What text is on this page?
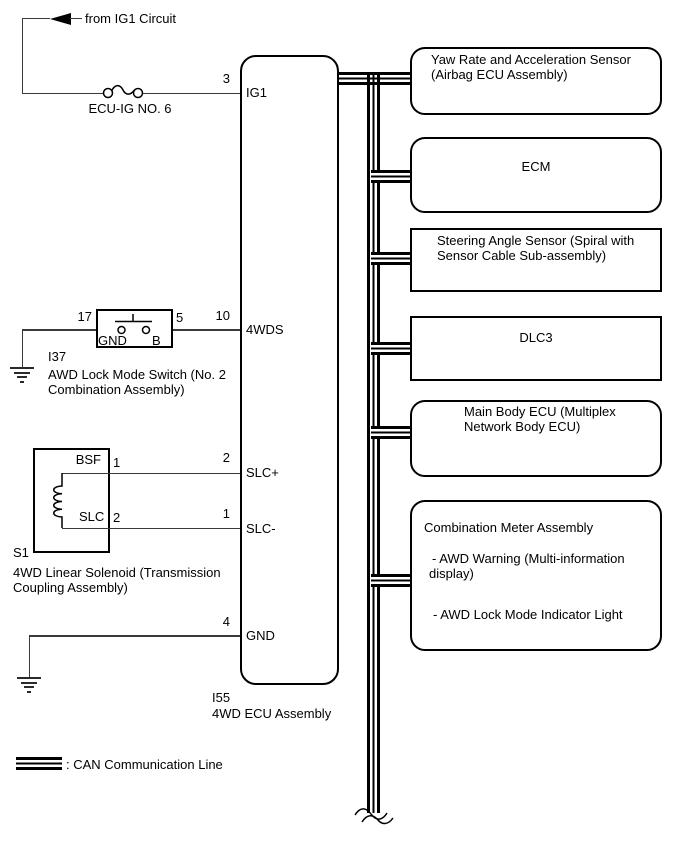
from IG1 Circuit
ECU-IG NO. 6
GND B
17	5
I37
AWD Lock Mode Switch (No. 2
Combination Assembly)
BSF 1
SLC 2
S1
4WD Linear Solenoid (Transmission
Coupling Assembly)
3
IG1
10
4WDS
2
SLC+
1
SLC-
4
GND
I55
4WD ECU Assembly
Yaw Rate and Acceleration Sensor
(Airbag ECU Assembly)
ECM
Steering Angle Sensor (Spiral with
Sensor Cable Sub-assembly)
DLC3
Main Body ECU (Multiplex
Network Body ECU)
Combination Meter Assembly
- AWD Warning (Multi-information
display)
- AWD Lock Mode Indicator Light
: CAN Communication Line
